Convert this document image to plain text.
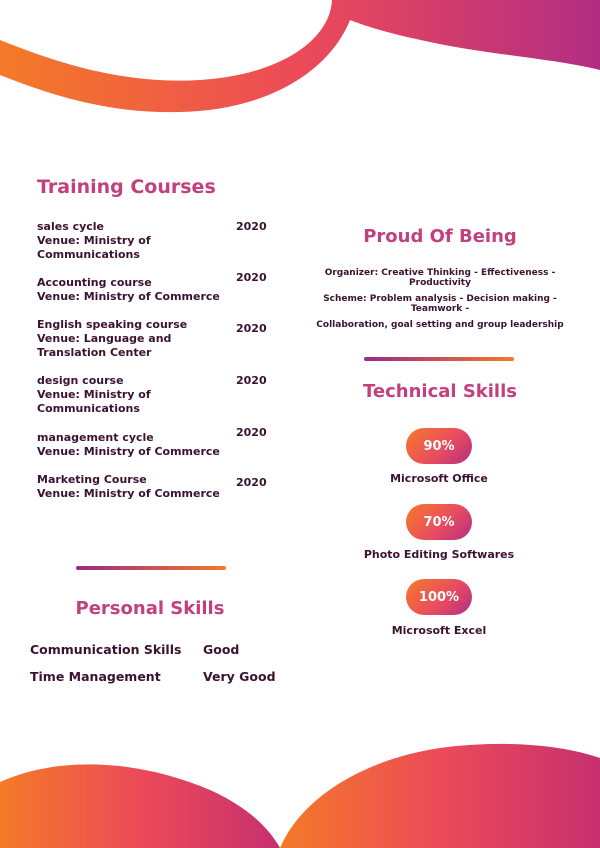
Training Courses
sales cycle
Venue: Ministry of Communications
2020
Accounting course
Venue: Ministry of Commerce
2020
English speaking course
Venue: Language and Translation Center
2020
design course
Venue: Ministry of Communications
2020
management cycle
Venue: Ministry of Commerce
2020
Marketing Course
Venue: Ministry of Commerce
2020
Personal Skills
Communication Skills Good
Time Management	Very Good
Proud Of Being
Organizer: Creative Thinking - Effectiveness - Productivity
Scheme: Problem analysis - Decision making - Teamwork -
Collaboration, goal setting and group leadership
Technical Skills
90%
Microsoft Office
70%
Photo Editing Softwares
100%
Microsoft Excel
